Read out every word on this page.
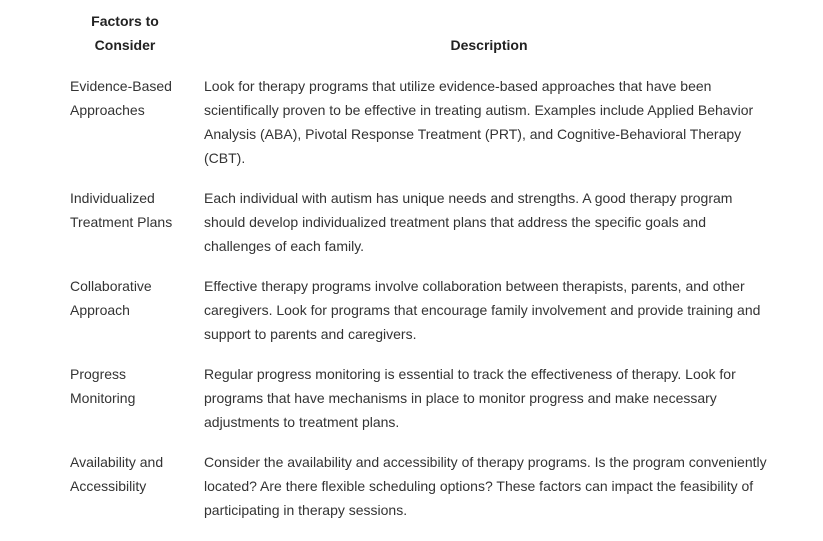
Factors to Consider	Description
Evidence-Based Approaches	Look for therapy programs that utilize evidence-based approaches that have been scientifically proven to be effective in treating autism. Examples include Applied Behavior Analysis (ABA), Pivotal Response Treatment (PRT), and Cognitive-Behavioral Therapy (CBT).
Individualized Treatment Plans	Each individual with autism has unique needs and strengths. A good therapy program should develop individualized treatment plans that address the specific goals and challenges of each family.
Collaborative Approach	Effective therapy programs involve collaboration between therapists, parents, and other caregivers. Look for programs that encourage family involvement and provide training and support to parents and caregivers.
Progress Monitoring	Regular progress monitoring is essential to track the effectiveness of therapy. Look for programs that have mechanisms in place to monitor progress and make necessary adjustments to treatment plans.
Availability and Accessibility	Consider the availability and accessibility of therapy programs. Is the program conveniently located? Are there flexible scheduling options? These factors can impact the feasibility of participating in therapy sessions.
